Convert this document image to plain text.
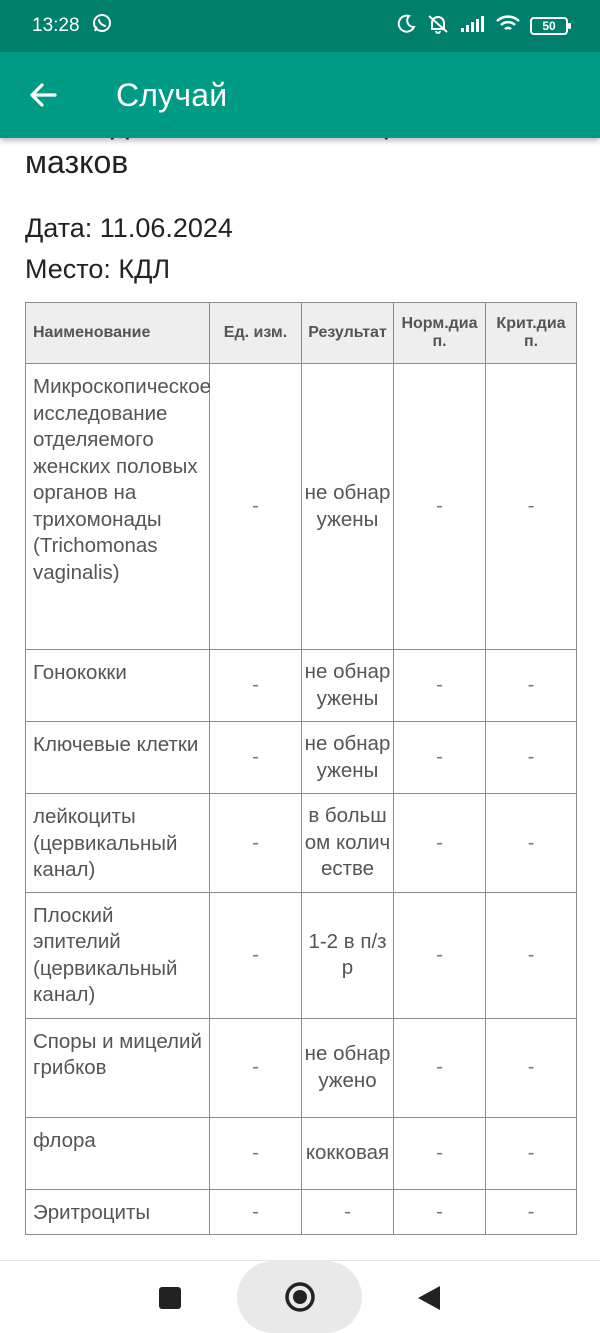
13:28	50
Случай
мазков
Дата: 11.06.2024
Место: КДЛ
Наименование	Ед. изм.	Результат	Норм.диап.	Крит.диап.
Микроскопическое исследование отделяемого женских половых органов на трихомонады (Trichomonas vaginalis)	-	не обнаружены	-	-
Гонококки	-	не обнаружены	-	-
Ключевые клетки	-	не обнаружены	-	-
лейкоциты (цервикальный канал)	-	в большом количестве	-	-
Плоский эпителий (цервикальный канал)	-	1-2 в п/зр	-	-
Споры и мицелий грибков	-	не обнаружено	-	-
флора	-	кокковая	-	-
Эритроциты	-	-	-	-
